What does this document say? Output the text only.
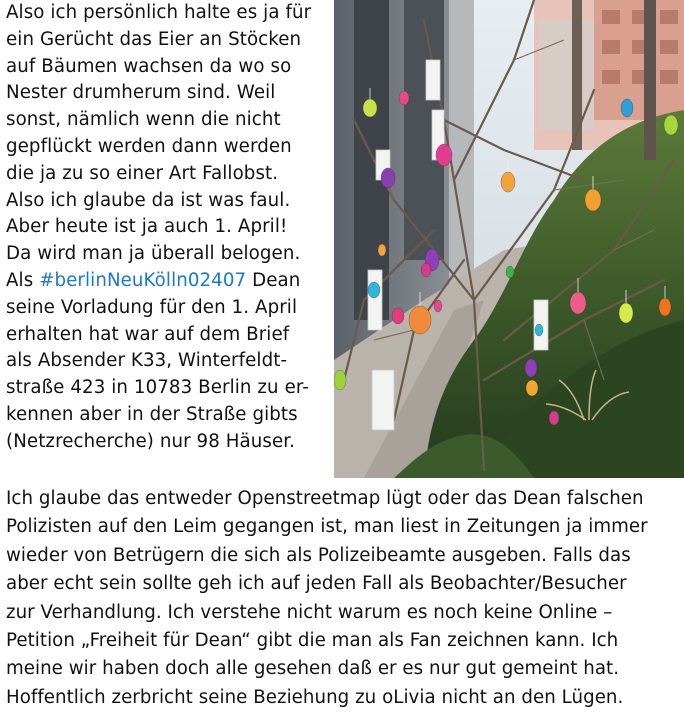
Also ich persönlich halte es ja für
ein Gerücht das Eier an Stöcken
auf Bäumen wachsen da wo so
Nester drumherum sind. Weil
sonst, nämlich wenn die nicht
gepflückt werden dann werden
die ja zu so einer Art Fallobst.
Also ich glaube da ist was faul.
Aber heute ist ja auch 1. April!
Da wird man ja überall belogen.
Als #berlinNeuKölln02407 Dean
seine Vorladung für den 1. April
erhalten hat war auf dem Brief
als Absender K33, Winterfeldt-
straße 423 in 10783 Berlin zu er-
kennen aber in der Straße gibts
(Netzrecherche) nur 98 Häuser.
Ich glaube das entweder Openstreetmap lügt oder das Dean falschen
Polizisten auf den Leim gegangen ist, man liest in Zeitungen ja immer
wieder von Betrügern die sich als Polizeibeamte ausgeben. Falls das
aber echt sein sollte geh ich auf jeden Fall als Beobachter/Besucher
zur Verhandlung. Ich verstehe nicht warum es noch keine Online –
Petition „Freiheit für Dean“ gibt die man als Fan zeichnen kann. Ich
meine wir haben doch alle gesehen daß er es nur gut gemeint hat.
Hoffentlich zerbricht seine Beziehung zu oLivia nicht an den Lügen.
